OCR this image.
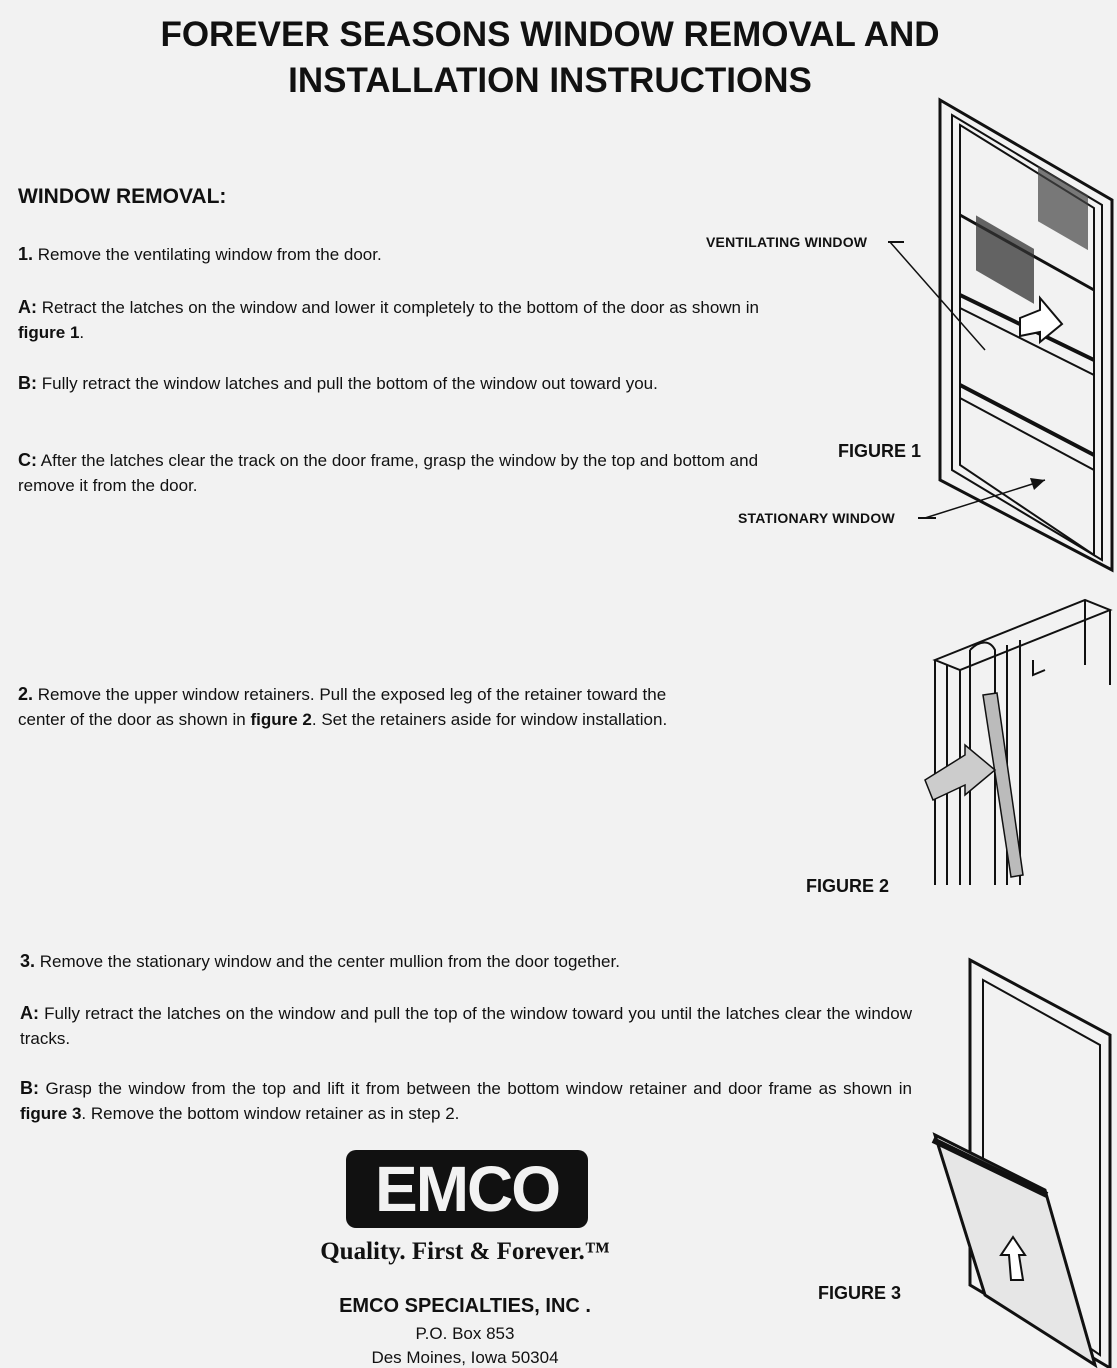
FOREVER SEASONS WINDOW REMOVAL AND
INSTALLATION INSTRUCTIONS
WINDOW REMOVAL:
1. Remove the ventilating window from the door.
A: Retract the latches on the window and lower it completely to the bottom of the door as shown in figure 1.
B: Fully retract the window latches and pull the bottom of the window out toward you.
C: After the latches clear the track on the door frame, grasp the window by the top and bottom and remove it from the door.
2. Remove the upper window retainers. Pull the exposed leg of the retainer toward the center of the door as shown in figure 2. Set the retainers aside for window installation.
3. Remove the stationary window and the center mullion from the door together.
A: Fully retract the latches on the window and pull the top of the window toward you until the latches clear the window tracks.
B: Grasp the window from the top and lift it from between the bottom window retainer and door frame as shown in figure 3. Remove the bottom window retainer as in step 2.
VENTILATING WINDOW
FIGURE 1
STATIONARY WINDOW
FIGURE 2
FIGURE 3
EMCO
Quality. First & Forever.™
EMCO SPECIALTIES, INC .
P.O. Box 853
Des Moines, Iowa 50304
